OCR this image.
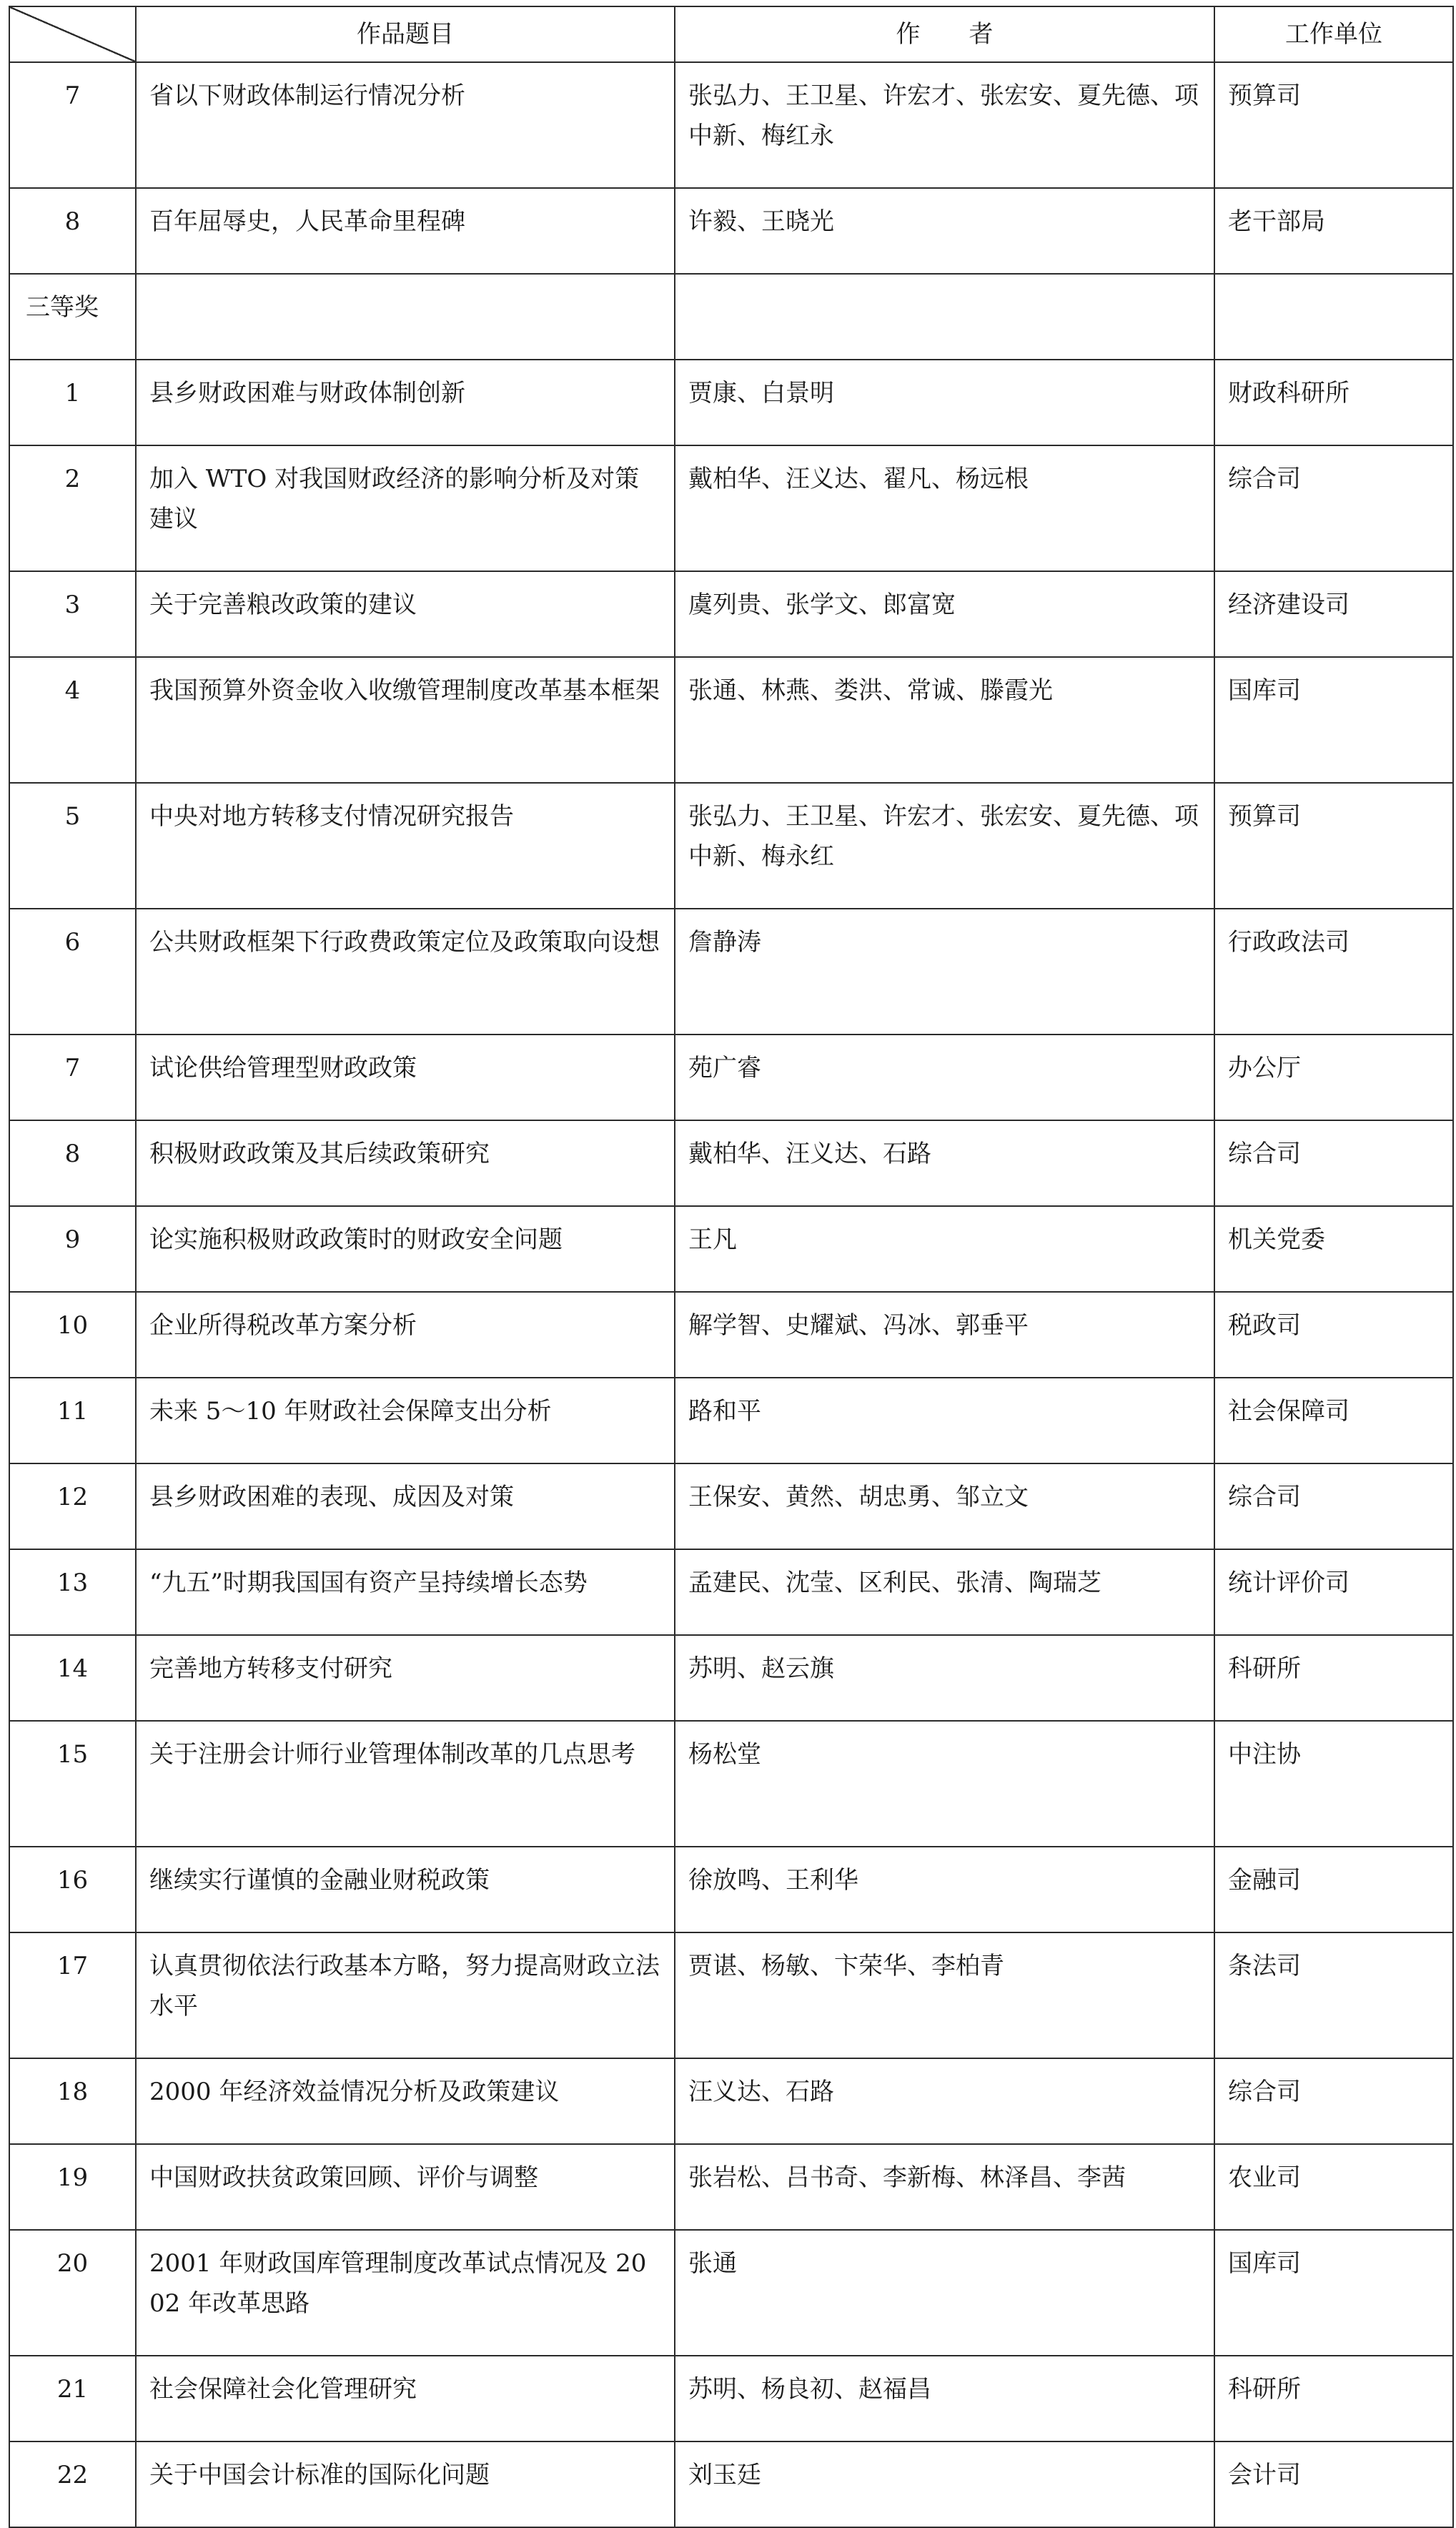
	作品题目	作　　者	工作单位
7	省以下财政体制运行情况分析	张弘力、王卫星、许宏才、张宏安、夏先德、项中新、梅红永	预算司
8	百年屈辱史，人民革命里程碑	许毅、王晓光	老干部局
三等奖			
1	县乡财政困难与财政体制创新	贾康、白景明	财政科研所
2	加入 WTO 对我国财政经济的影响分析及对策建议	戴柏华、汪义达、翟凡、杨远根	综合司
3	关于完善粮改政策的建议	虞列贵、张学文、郎富宽	经济建设司
4	我国预算外资金收入收缴管理制度改革基本框架	张通、林燕、娄洪、常诚、滕霞光	国库司
5	中央对地方转移支付情况研究报告	张弘力、王卫星、许宏才、张宏安、夏先德、项中新、梅永红	预算司
6	公共财政框架下行政费政策定位及政策取向设想	詹静涛	行政政法司
7	试论供给管理型财政政策	苑广睿	办公厅
8	积极财政政策及其后续政策研究	戴柏华、汪义达、石路	综合司
9	论实施积极财政政策时的财政安全问题	王凡	机关党委
10	企业所得税改革方案分析	解学智、史耀斌、冯冰、郭垂平	税政司
11	未来 5～10 年财政社会保障支出分析	路和平	社会保障司
12	县乡财政困难的表现、成因及对策	王保安、黄然、胡忠勇、邹立文	综合司
13	“九五”时期我国国有资产呈持续增长态势	孟建民、沈莹、区利民、张清、陶瑞芝	统计评价司
14	完善地方转移支付研究	苏明、赵云旗	科研所
15	关于注册会计师行业管理体制改革的几点思考	杨松堂	中注协
16	继续实行谨慎的金融业财税政策	徐放鸣、王利华	金融司
17	认真贯彻依法行政基本方略，努力提高财政立法水平	贾谌、杨敏、卞荣华、李柏青	条法司
18	2000 年经济效益情况分析及政策建议	汪义达、石路	综合司
19	中国财政扶贫政策回顾、评价与调整	张岩松、吕书奇、李新梅、林泽昌、李茜	农业司
20	2001 年财政国库管理制度改革试点情况及 2002 年改革思路	张通	国库司
21	社会保障社会化管理研究	苏明、杨良初、赵福昌	科研所
22	关于中国会计标准的国际化问题	刘玉廷	会计司
